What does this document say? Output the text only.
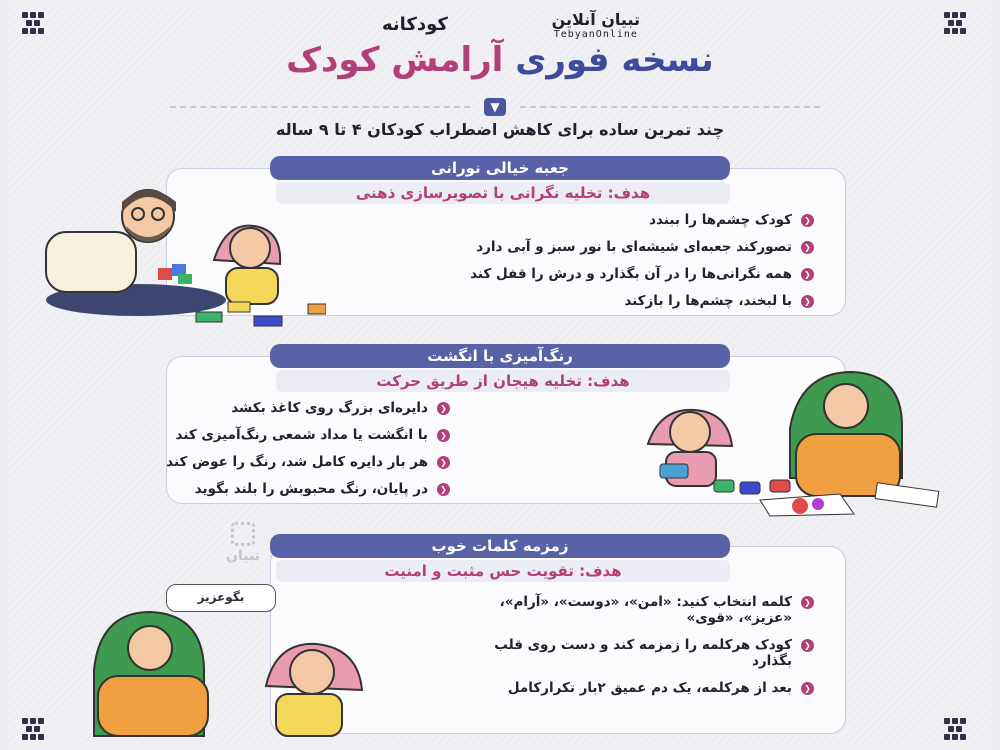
تبیان آنلاین
TebyanOnline
کودکانه
نسخه فوری آرامش کودک
▼
چند تمرین ساده برای کاهش اضطراب کودکان ۴ تا ۹ ساله
جعبه خیالی نورانی
هدف: تخلیه نگرانی با تصویرسازی ذهنی
❮
کودک چشم‌ها را ببندد
❮
تصورکند جعبه‌ای شیشه‌ای با نور سبز و آبی دارد
❮
همه نگرانی‌ها را در آن بگذارد و درش را قفل کند
❮
با لبخند، چشم‌ها را بازکند
رنگ‌آمیزی با انگشت
هدف: تخلیه هیجان از طریق حرکت
❮
دایره‌ای بزرگ روی کاغذ بکشد
❮
با انگشت یا مداد شمعی رنگ‌آمیزی کند
❮
هر بار دایره کامل شد، رنگ را عوض کند
❮
در پایان، رنگ محبوبش را بلند بگوید
تبیان
زمزمه کلمات خوب
هدف: تقویت حس مثبت و امنیت
❮
کلمه انتخاب کنید: «امن»، «دوست»، «آرام»، «عزیز»، «قوی»
❮
کودک هرکلمه را زمزمه کند و دست روی قلب بگذارد
❮
بعد از هرکلمه، یک دم عمیق ۲بار تکرارکامل
بگوعزیز
